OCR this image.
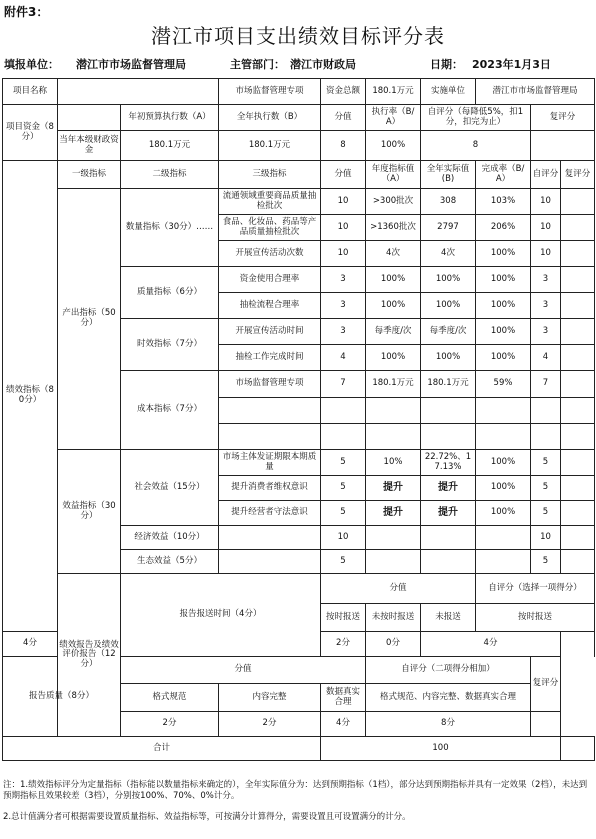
附件3：
潜江市项目支出绩效目标评分表
填报单位： 潜江市市场监督管理局	主管部门： 潜江市财政局	日期： 2023年1月3日
项目名称			市场监督管理专项	资金总额	180.1万元	实施单位	潜江市市场监督管理局			
项目资金（8分）		年初预算执行数（A）	全年执行数（B）	分值	执行率（B/A）	自评分（每降低5%，扣1分，扣完为止）		复评分		
	当年本级财政资金	180.1万元	180.1万元	8	100%	8				
绩效指标（80分）	一级指标	二级指标	三级指标	分值	年度指标值（A）	全年实际值(B)	完成率（B/A）	自评分	复评分	
	产出指标（50分）	数量指标（30分）……	流通领域重要商品质量抽检批次	10	>300批次	308	103%	10		
			食品、化妆品、药品等产品质量抽检批次	10	>1360批次	2797	206%	10		
			开展宣传活动次数	10	4次	4次	100%	10		
		质量指标（6分）	资金使用合理率	3	100%	100%	100%	3		
			抽检流程合理率	3	100%	100%	100%	3		
		时效指标（7分）	开展宣传活动时间	3	每季度/次	每季度/次	100%	3		
			抽检工作完成时间	4	100%	100%	100%	4		
		成本指标（7分）	市场监督管理专项	7	180.1万元	180.1万元	59%	7		

	效益指标（30分）	社会效益（15分）	市场主体发证期限本期质量	5	10%	22.72%、17.13%	100%	5		
			提升消费者维权意识	5	提升	提升	100%	5		
			提升经营者守法意识	5	提升	提升	100%	5		
		经济效益（10分）		10				10		
		生态效益（5分）		5				5		
	绩效报告及绩效评价报告（12分）	报告报送时间（4分）		分值			自评分（选择一项得分）	
				按时报送	未按时报送	未报送	按时报送			
4分				2分	0分	4分				
报告质量（8分）		分值			自评分（二项得分相加）			复评分		
		格式规范	内容完整	数据真实合理	格式规范、内容完整、数据真实合理					
		2分	2分	4分	8分					
合计				100						
注：1.绩效指标评分为定量指标（指标能以数量指标来确定的），全年实际值分为：达到预期指标（1档），部分达到预期指标并具有一定效果（2档），未达到预期指标且效果较差（3档），分别按100%、70%、0%计分。
2.总计值满分者可根据需要设置质量指标、效益指标等，可按满分计算得分，需要设置且可设置满分的计分。
